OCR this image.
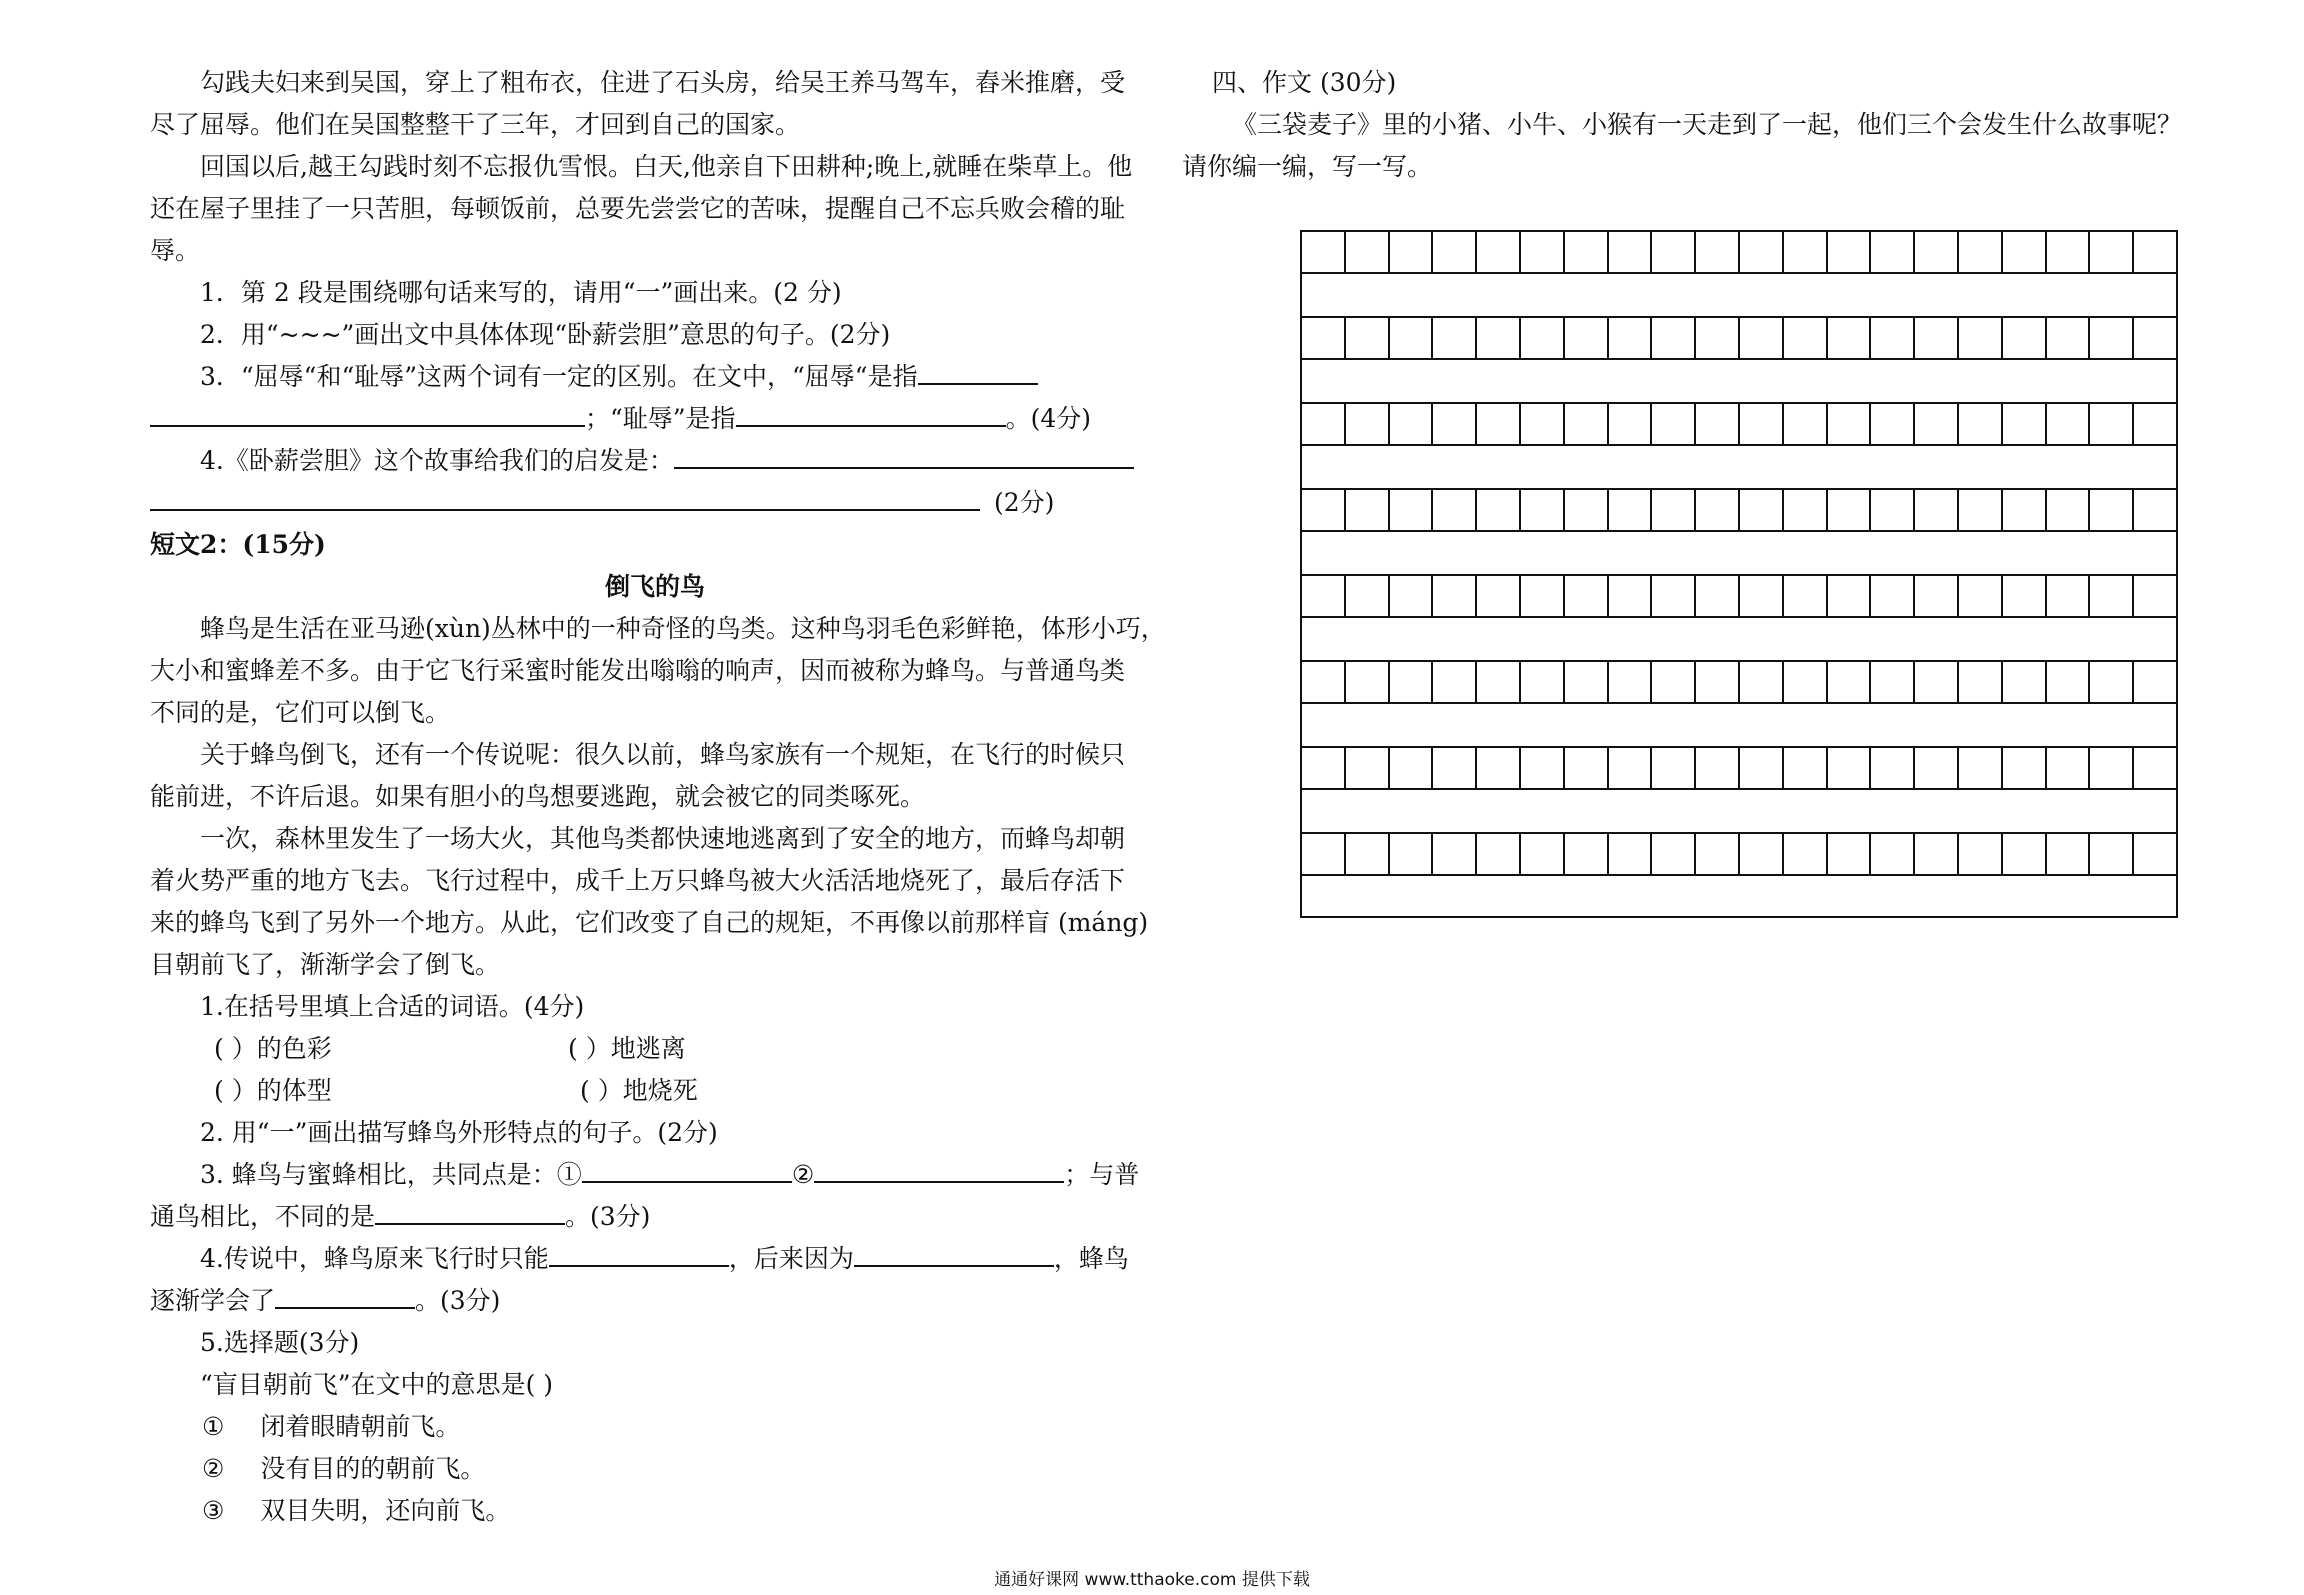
勾践夫妇来到吴国，穿上了粗布衣，住进了石头房，给吴王养马驾车，舂米推磨，受
尽了屈辱。他们在吴国整整干了三年，才回到自己的国家。
回国以后,越王勾践时刻不忘报仇雪恨。白天,他亲自下田耕种;晚上,就睡在柴草上。他
还在屋子里挂了一只苦胆，每顿饭前，总要先尝尝它的苦味，提醒自己不忘兵败会稽的耻
辱。
1．第 2 段是围绕哪句话来写的，请用“一”画出来。(2 分)
2．用“~~~”画出文中具体体现“卧薪尝胆”意思的句子。(2分)
3．“屈辱“和“耻辱”这两个词有一定的区别。在文中，“屈辱“是指
；“耻辱”是指	。(4分)
4.《卧薪尝胆》这个故事给我们的启发是：
(2分)
短文2：(15分)
倒飞的鸟
蜂鸟是生活在亚马逊(xùn)丛林中的一种奇怪的鸟类。这种鸟羽毛色彩鲜艳，体形小巧，
大小和蜜蜂差不多。由于它飞行采蜜时能发出嗡嗡的响声，因而被称为蜂鸟。与普通鸟类
不同的是，它们可以倒飞。
关于蜂鸟倒飞，还有一个传说呢：很久以前，蜂鸟家族有一个规矩，在飞行的时候只
能前进，不许后退。如果有胆小的鸟想要逃跑，就会被它的同类啄死。
一次，森林里发生了一场大火，其他鸟类都快速地逃离到了安全的地方，而蜂鸟却朝
着火势严重的地方飞去。飞行过程中，成千上万只蜂鸟被大火活活地烧死了，最后存活下
来的蜂鸟飞到了另外一个地方。从此，它们改变了自己的规矩，不再像以前那样盲 (máng)
目朝前飞了，渐渐学会了倒飞。
1.在括号里填上合适的词语。(4分)
( ）的色彩	( ）地逃离
( ）的体型	( ）地烧死
2. 用“一”画出描写蜂鸟外形特点的句子。(2分)
3. 蜂鸟与蜜蜂相比，共同点是：①	②	；与普
通鸟相比，不同的是	。(3分)
4.传说中，蜂鸟原来飞行时只能	，后来因为	，蜂鸟
逐渐学会了	。(3分)
5.选择题(3分)
“盲目朝前飞”在文中的意思是( )
① 闭着眼睛朝前飞。
② 没有目的的朝前飞。
③ 双目失明，还向前飞。
四、作文 (30分)
《三袋麦子》里的小猪、小牛、小猴有一天走到了一起，他们三个会发生什么故事呢？
请你编一编，写一写。
通通好课网 www.tthaoke.com 提供下载
